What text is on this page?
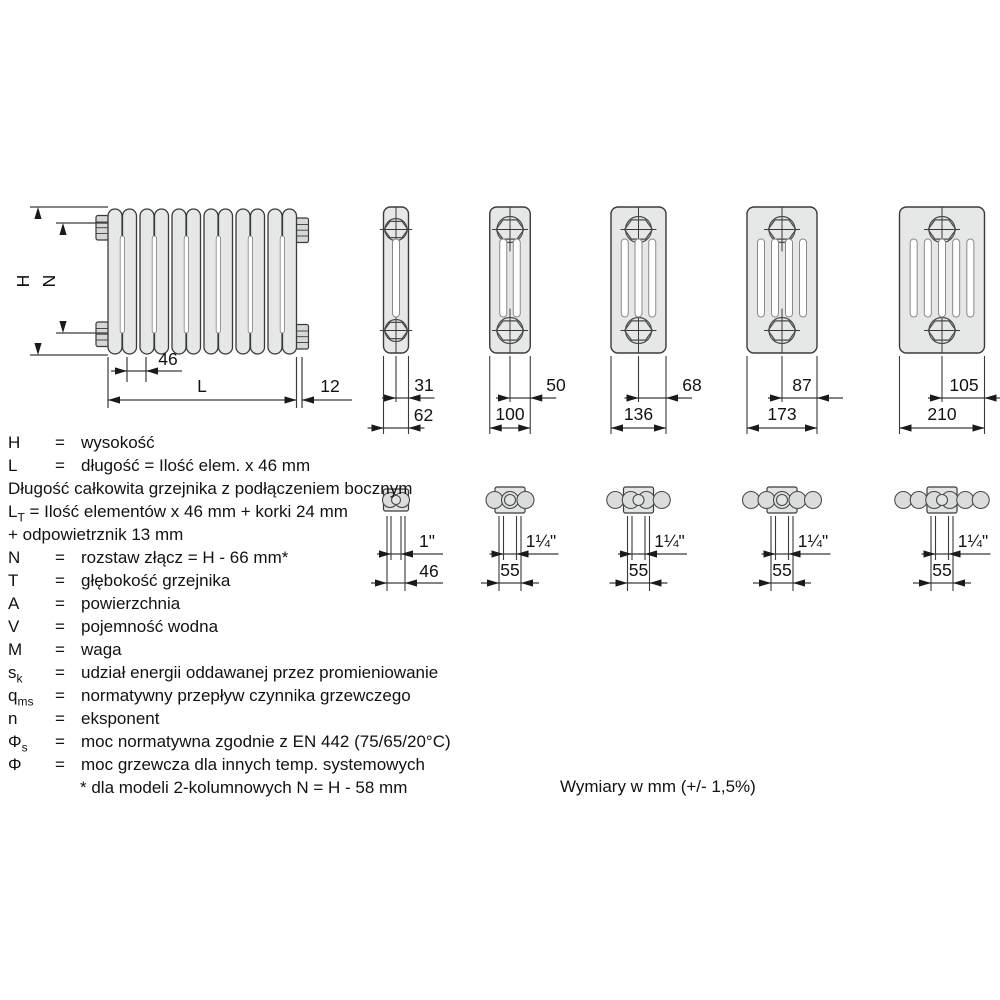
H N
46
L	12	31
62
50
100
68
136
87
173
105
210
1"
46
1¼"
55
1¼"
55
1¼"
55
1¼"
55
H	= wysokość
L	= długość = Ilość elem. x 46 mm
Długość całkowita grzejnika z podłączeniem bocznym
$L_T$ = Ilość elementów x 46 mm + korki 24 mm
+ odpowietrznik 13 mm
N	= rozstaw złącz = H - 66 mm*
T	= głębokość grzejnika
A	= powierzchnia
V	= pojemność wodna
M	= waga
$s_k$	= udział energii oddawanej przez promieniowanie
$q_{ms}$	= normatywny przepływ czynnika grzewczego
n	= eksponent
$\Phi_s$	= moc normatywna zgodnie z EN 442 (75/65/20°C)
Φ	= moc grzewcza dla innych temp. systemowych
* dla modeli 2-kolumnowych N = H - 58 mm	Wymiary w mm (+/- 1,5%)
